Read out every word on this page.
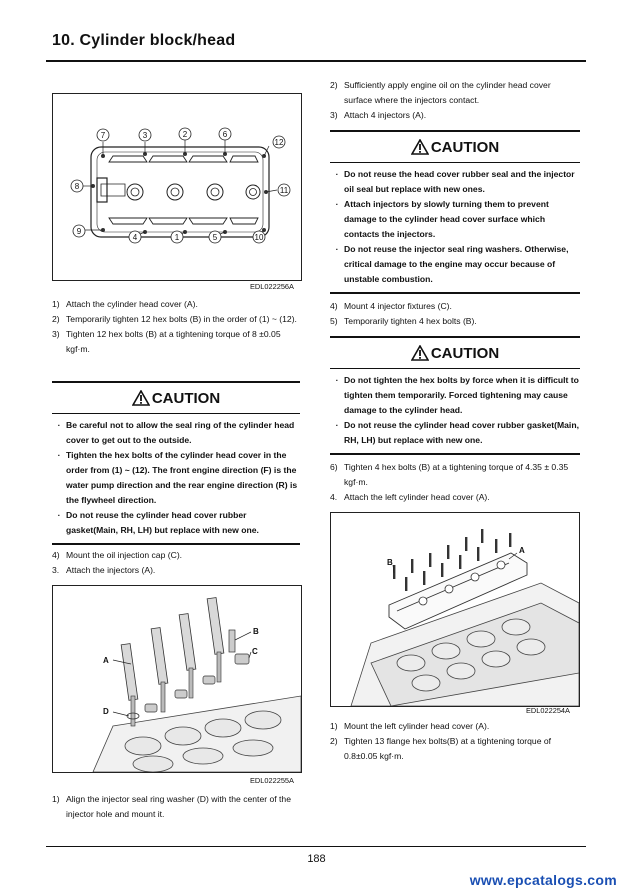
10. Cylinder block/head
7	3	2	6
12
8	11
9
4	1	5	10
EDL022256A
1) Attach the cylinder head cover (A).
2) Temporarily tighten 12 hex bolts (B) in the order of (1) ~ (12).
3) Tighten 12 hex bolts (B) at a tightening torque of 8 ±0.05 kgf·m.
CAUTION
· Be careful not to allow the seal ring of the cylinder head cover to get out to the outside.
· Tighten the hex bolts of the cylinder head cover in the order from (1) ~ (12). The front engine direction (F) is the water pump direction and the rear engine direction (R) is the flywheel direction.
· Do not reuse the cylinder head cover rubber gasket(Main, RH, LH) but replace with new one.
4) Mount the oil injection cap (C).
3. Attach the injectors (A).
A
B
C
D
EDL022255A
1) Align the injector seal ring washer (D) with the center of the injector hole and mount it.
2) Sufficiently apply engine oil on the cylinder head cover surface where the injectors contact.
3) Attach 4 injectors (A).
CAUTION
· Do not reuse the head cover rubber seal and the injector oil seal but replace with new ones.
· Attach injectors by slowly turning them to prevent damage to the cylinder head cover surface which contacts the injectors.
· Do not reuse the injector seal ring washers. Otherwise, critical damage to the engine may occur because of unstable combustion.
4) Mount 4 injector fixtures (C).
5) Temporarily tighten 4 hex bolts (B).
CAUTION
· Do not tighten the hex bolts by force when it is difficult to tighten them temporarily. Forced tightening may cause damage to the cylinder head.
· Do not reuse the cylinder head cover rubber gasket(Main, RH, LH) but replace with new one.
6) Tighten 4 hex bolts (B) at a tightening torque of 4.35 ± 0.35 kgf·m.
4. Attach the left cylinder head cover (A).
A
B
EDL022254A
1) Mount the left cylinder head cover (A).
2) Tighten 13 flange hex bolts(B) at a tightening torque of 0.8±0.05 kgf·m.
188
www.epcatalogs.com
